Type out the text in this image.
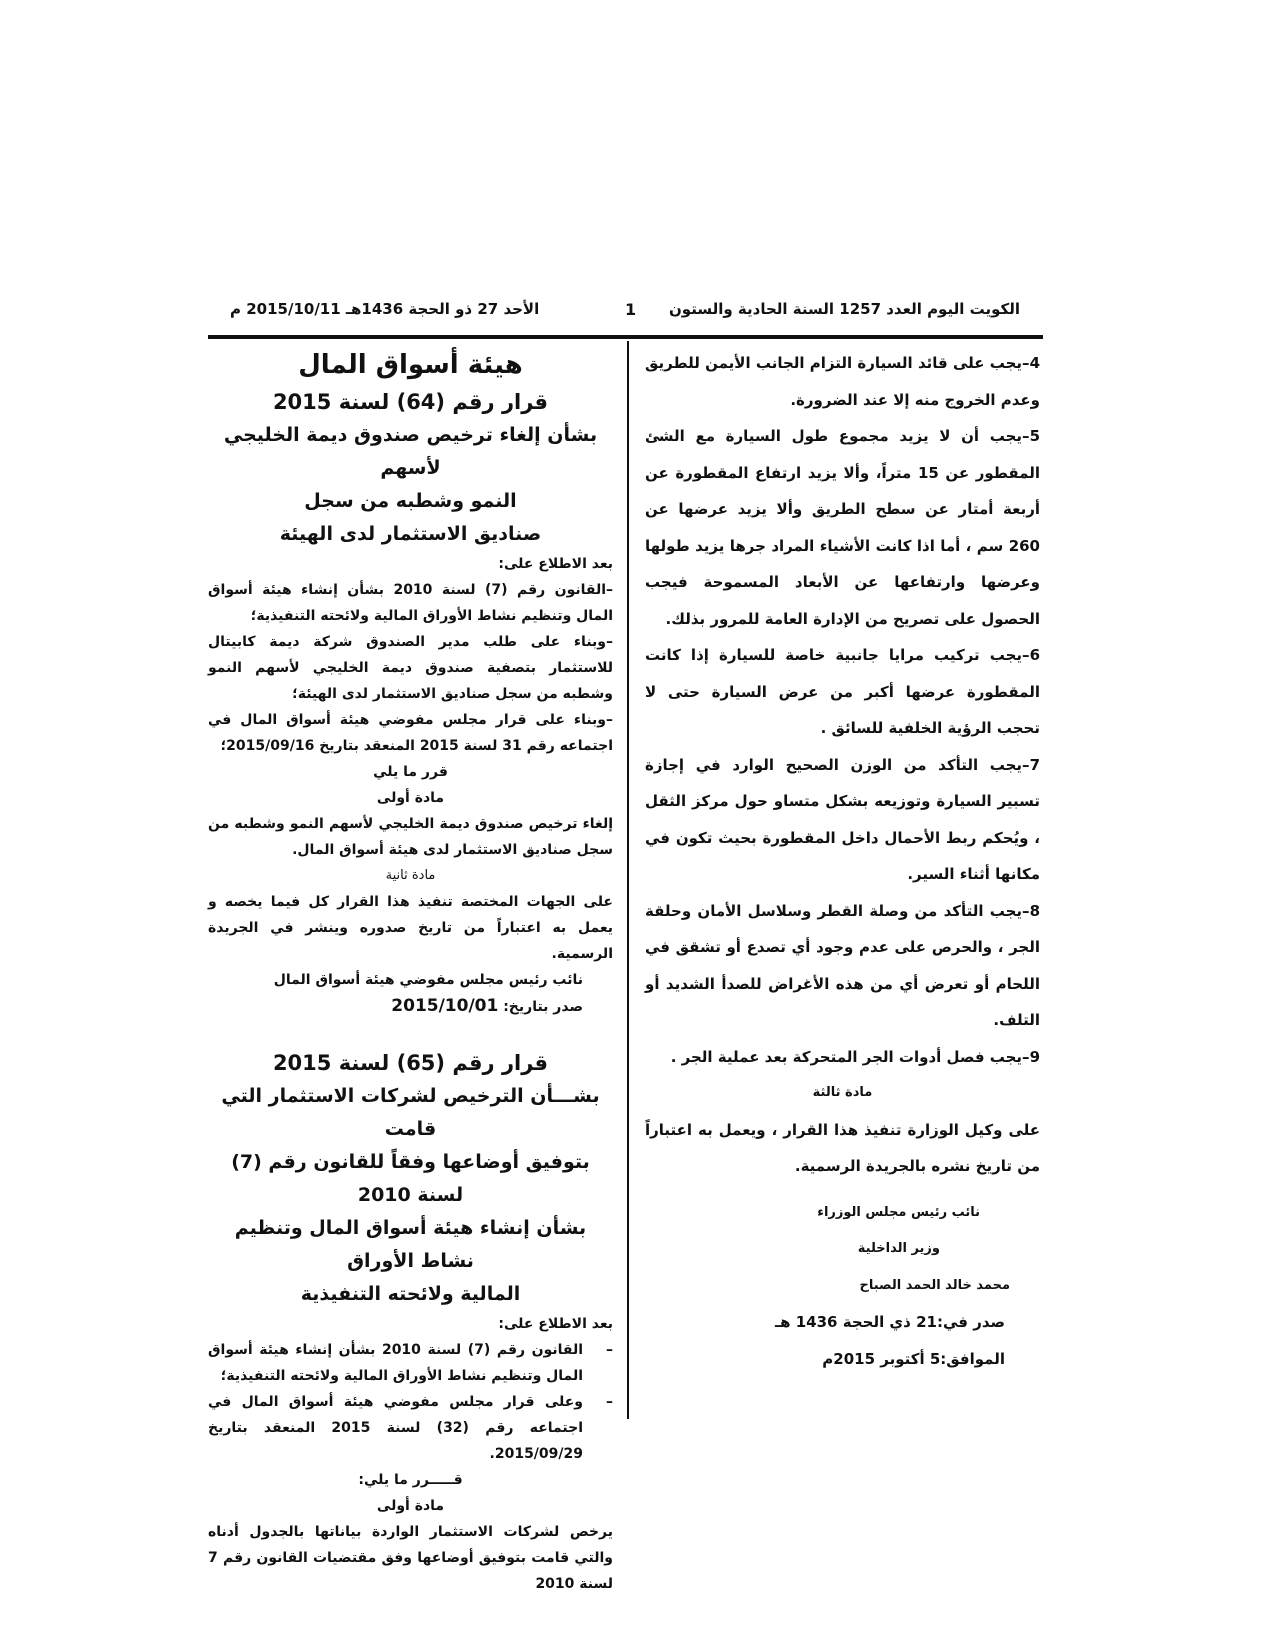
الكويت اليوم العدد 1257 السنة الحادية والستون
1
الأحد 27 ذو الحجة 1436هـ 2015/10/11 م

4–يجب على قائد السيارة التزام الجانب الأيمن للطريق وعدم الخروج منه إلا عند الضرورة.

5–يجب أن لا يزيد مجموع طول السيارة مع الشئ المقطور عن 15 متراً، وألا يزيد ارتفاع المقطورة عن أربعة أمتار عن سطح الطريق وألا يزيد عرضها عن 260 سم ، أما اذا كانت الأشياء المراد جرها يزيد طولها وعرضها وارتفاعها عن الأبعاد المسموحة فيجب الحصول على تصريح من الإدارة العامة للمرور بذلك.

6–يجب تركيب مرايا جانبية خاصة للسيارة إذا كانت المقطورة عرضها أكبر من عرض السيارة حتى لا تحجب الرؤية الخلفية للسائق .

7–يجب التأكد من الوزن الصحيح الوارد في إجازة تسبير السيارة وتوزيعه بشكل متساو حول مركز الثقل ، ويُحكم ربط الأحمال داخل المقطورة بحيث تكون في مكانها أثناء السير.

8–يجب التأكد من وصلة القطر وسلاسل الأمان وحلقة الجر ، والحرص على عدم وجود أي تصدع أو تشقق في اللحام أو تعرض أي من هذه الأغراض للصدأ الشديد أو التلف.

9–يجب فصل أدوات الجر المتحركة بعد عملية الجر .

مادة ثالثة

على وكيل الوزارة تنفيذ هذا القرار ، ويعمل به اعتباراً من تاريخ نشره بالجريدة الرسمية.

نائب رئيس مجلس الوزراء

وزير الداخلية

محمد خالد الحمد الصباح

صدر في:21 ذي الحجة 1436 هـ

الموافق:5 أكتوبر 2015م

هيئة أسواق المال

قرار رقم (64) لسنة 2015

بشأن إلغاء ترخيص صندوق ديمة الخليجي لأسهم

النمو وشطبه من سجل

صناديق الاستثمار لدى الهيئة

بعد الاطلاع على:

–القانون رقم (7) لسنة 2010 بشأن إنشاء هيئة أسواق المال وتنظيم نشاط الأوراق المالية ولائحته التنفيذية؛

–وبناء على طلب مدير الصندوق شركة ديمة كابيتال للاستثمار بتصفية صندوق ديمة الخليجي لأسهم النمو وشطبه من سجل صناديق الاستثمار لدى الهيئة؛

–وبناء على قرار مجلس مفوضي هيئة أسواق المال في اجتماعه رقم 31 لسنة 2015 المنعقد بتاريخ 2015/09/16؛

قرر ما يلي

مادة أولى

إلغاء ترخيص صندوق ديمة الخليجي لأسهم النمو وشطبه من سجل صناديق الاستثمار لدى هيئة أسواق المال.

مادة ثانية

على الجهات المختصة تنفيذ هذا القرار كل فيما يخصه و يعمل به اعتباراً من تاريخ صدوره وينشر في الجريدة الرسمية.

نائب رئيس مجلس مفوضي هيئة أسواق المال

صدر بتاريخ: 2015/10/01

قرار رقم (65) لسنة 2015

بشـــأن الترخيص لشركات الاستثمار التي قامت

بتوفيق أوضاعها وفقاً للقانون رقم (7) لسنة 2010

بشأن إنشاء هيئة أسواق المال وتنظيم نشاط الأوراق

المالية ولائحته التنفيذية

بعد الاطلاع على:

–
القانون رقم (7) لسنة 2010 بشأن إنشاء هيئة أسواق المال وتنظيم نشاط الأوراق المالية ولائحته التنفيذية؛

–
وعلى قرار مجلس مفوضي هيئة أسواق المال في اجتماعه رقم (32) لسنة 2015 المنعقد بتاريخ 2015/09/29.

قـــــرر ما يلي:

مادة أولى

يرخص لشركات الاستثمار الواردة بياناتها بالجدول أدناه والتي قامت بتوفيق أوضاعها وفق مقتضيات القانون رقم 7 لسنة 2010
